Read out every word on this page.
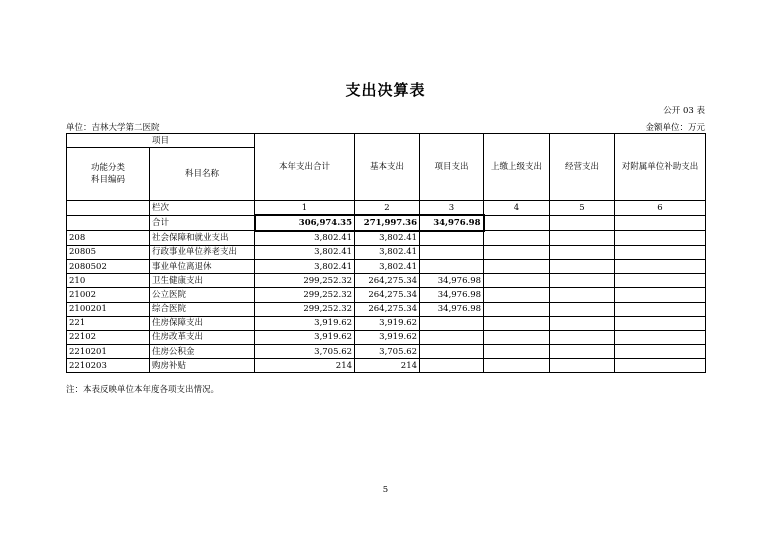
支出决算表
公开 03 表
单位：吉林大学第二医院	金额单位：万元
项目		本年支出合计	基本支出	项目支出	上缴上级支出	经营支出	对附属单位补助支出

功能分类
科目编码	科目名称						
	栏次	1	2	3	4	5	6
	合计	306,974.35	271,997.36	34,976.98			
208	社会保障和就业支出	3,802.41	3,802.41				
20805	行政事业单位养老支出	3,802.41	3,802.41				
2080502	事业单位离退休	3,802.41	3,802.41				
210	卫生健康支出	299,252.32	264,275.34	34,976.98			
21002	公立医院	299,252.32	264,275.34	34,976.98			
2100201	综合医院	299,252.32	264,275.34	34,976.98			
221	住房保障支出	3,919.62	3,919.62				
22102	住房改革支出	3,919.62	3,919.62				
2210201	住房公积金	3,705.62	3,705.62				
2210203	购房补贴	214	214				
注：本表反映单位本年度各项支出情况。
5
